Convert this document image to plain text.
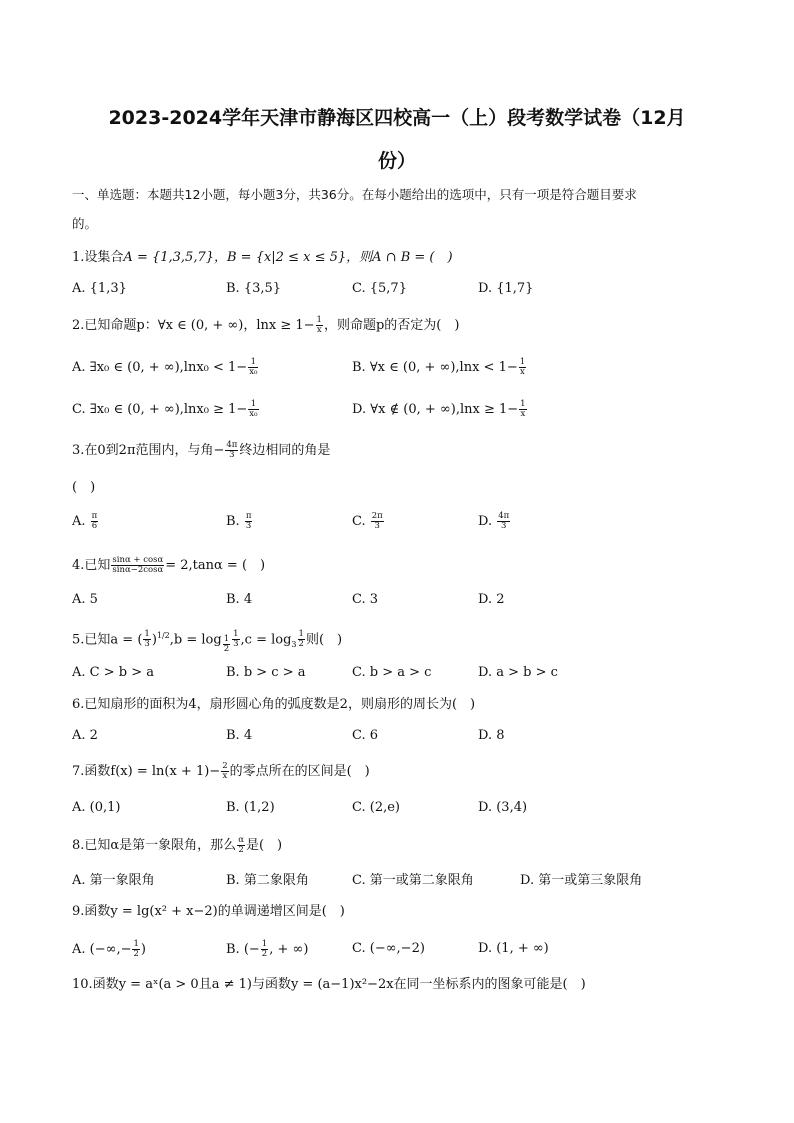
2023-2024学年天津市静海区四校高一（上）段考数学试卷（12月
份）
一、单选题：本题共12小题，每小题3分，共36分。在每小题给出的选项中，只有一项是符合题目要求
的。
1.设集合A = {1,3,5,7}，B = {x|2 ≤ x ≤ 5}，则A ∩ B = (　)
A. {1,3}	B. {3,5}	C. {5,7}	D. {1,7}
2.已知命题p：∀x ∈ (0, + ∞)，$\ln x \ge 1- \frac{1}{x}$ ，则命题p的否定为(　)
A. ∃x₀ ∈ (0, + $\infty),\ln x_0 < 1- \frac{1}{\text{x₀}}$	B. ∀x ∈ (0, + $\infty),\ln x < 1- \frac{1}{x}$
C. ∃x₀ ∈ (0, + $\infty),\ln x_0 \ge 1- \frac{1}{\text{x₀}}$	D. ∀x ∉ (0, + $\infty),\ln x \ge 1- \frac{1}{x}$
3.在0到2π范围内，与角− $\frac{4\pi}{3}$ 终边相同的角是
(　)
A. $\frac{\pi}{6}$	B. $\frac{\pi}{3}$	C. $\frac{2\pi}{3}$	D. $\frac{4\pi}{3}$
4.已知 $\frac{\sin\alpha + \cos\alpha}{\sin\alpha-2\cos\alpha} = 2,\tan\alpha$ = (　)
A. 5	B. 4	C. 3	D. 2
5.已知a = ( $\frac{1}{3} )^{1/2},b = \log _{\frac{1}{2}} \frac{1}{3} ,c = \log_3 \frac{1}{2}$ 则(　)
A. C > b > a	B. b > c > a	C. b > a > c	D. a > b > c
6.已知扇形的面积为4，扇形圆心角的弧度数是2，则扇形的周长为(　)
A. 2	B. 4	C. 6	D. 8
7.函数$f(x) = \ln(x + 1)- \frac{2}{x}$ 的零点所在的区间是(　)
A. (0,1)	B. (1,2)	C. (2,e)	D. (3,4)
8.已知α是第一象限角，那么 $\frac{\alpha}{2}$ 是(　)
A. 第一象限角	B. 第二象限角	C. 第一或第二象限角	D. 第一或第三象限角
9.函数y = lg(x² + x−2)的单调递增区间是(　)
A. (−∞,− $\frac{1}{2}$ )	B. (− $\frac{1}{2}$ , + ∞)	C. (−∞,−2)	D. (1, + ∞)
10.函数y = aˣ(a > 0且a ≠ 1)与函数y = (a−1)x²−2x在同一坐标系内的图象可能是(　)
